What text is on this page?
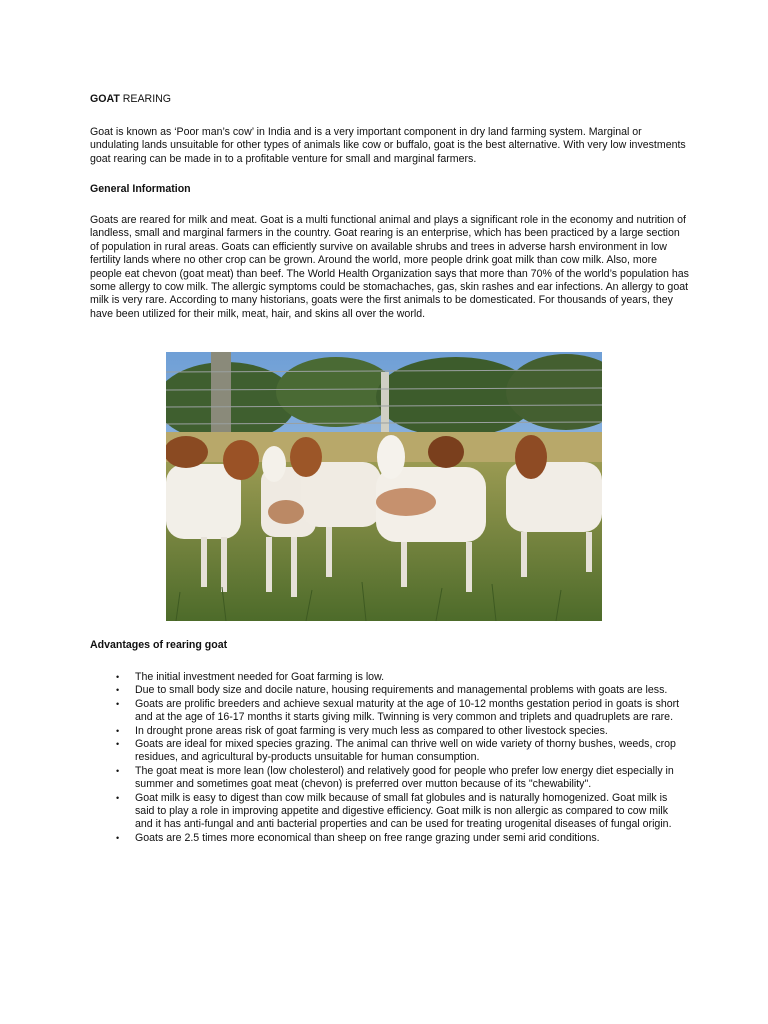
GOAT REARING

Goat is known as ‘Poor man’s cow’ in India and is a very important component in dry land farming system. Marginal or undulating lands unsuitable for other types of animals like cow or buffalo, goat is the best alternative. With very low investments goat rearing can be made in to a profitable venture for small and marginal farmers.

General Information

Goats are reared for milk and meat. Goat is a multi functional animal and plays a significant role in the economy and nutrition of landless, small and marginal farmers in the country. Goat rearing is an enterprise, which has been practiced by a large section of population in rural areas. Goats can efficiently survive on available shrubs and trees in adverse harsh environment in low fertility lands where no other crop can be grown. Around the world, more people drink goat milk than cow milk. Also, more people eat chevon (goat meat) than beef. The World Health Organization says that more than 70% of the world’s population has some allergy to cow milk. The allergic symptoms could be stomachaches, gas, skin rashes and ear infections. An allergy to goat milk is very rare. According to many historians, goats were the first animals to be domesticated. For thousands of years, they have been utilized for their milk, meat, hair, and skins all over the world.

Advantages of rearing goat

• The initial investment needed for Goat farming is low.
• Due to small body size and docile nature, housing requirements and managemental problems with goats are less.
• Goats are prolific breeders and achieve sexual maturity at the age of 10-12 months gestation period in goats is short and at the age of 16-17 months it starts giving milk. Twinning is very common and triplets and quadruplets are rare.
• In drought prone areas risk of goat farming is very much less as compared to other livestock species.
• Goats are ideal for mixed species grazing. The animal can thrive well on wide variety of thorny bushes, weeds, crop residues, and agricultural by-products unsuitable for human consumption.
• The goat meat is more lean (low cholesterol) and relatively good for people who prefer low energy diet especially in summer and sometimes goat meat (chevon) is preferred over mutton because of its "chewability".
• Goat milk is easy to digest than cow milk because of small fat globules and is naturally homogenized. Goat milk is said to play a role in improving appetite and digestive efficiency. Goat milk is non allergic as compared to cow milk and it has anti-fungal and anti bacterial properties and can be used for treating urogenital diseases of fungal origin.
• Goats are 2.5 times more economical than sheep on free range grazing under semi arid conditions.
